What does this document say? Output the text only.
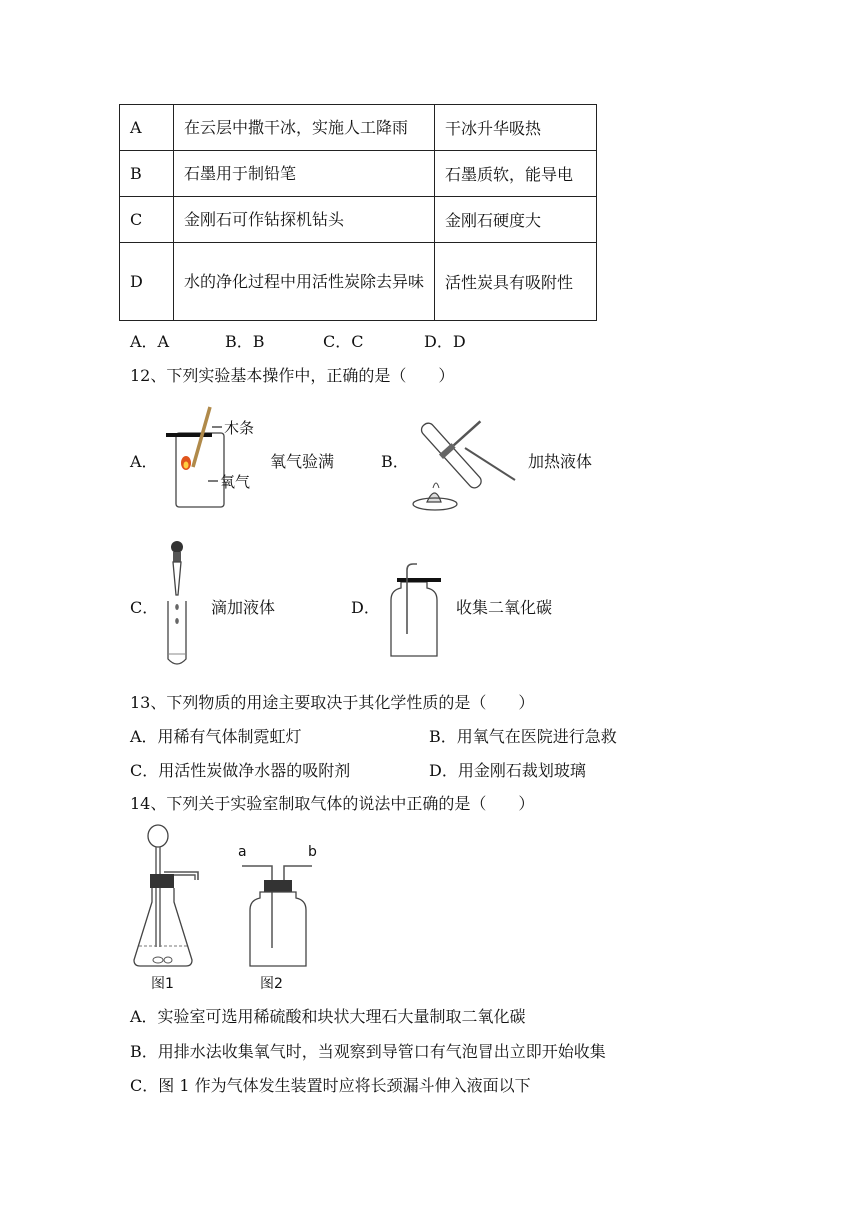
A	在云层中撒干冰，实施人工降雨	干冰升华吸热
B	石墨用于制铅笔	石墨质软，能导电
C	金刚石可作钻探机钻头	金刚石硬度大
D	水的净化过程中用活性炭除去异味	活性炭具有吸附性
A．A	B．B	C．C	D．D
12、下列实验基本操作中，正确的是（　　）
A．
木条
氧气
氧气验满	B．	加热液体
C．	滴加液体	D．	收集二氧化碳
13、下列物质的用途主要取决于其化学性质的是（　　）
A．用稀有气体制霓虹灯	B．用氧气在医院进行急救
C．用活性炭做净水器的吸附剂	D．用金刚石裁划玻璃
14、下列关于实验室制取气体的说法中正确的是（　　）
图1
a	b
图2
A．实验室可选用稀硫酸和块状大理石大量制取二氧化碳
B．用排水法收集氧气时，当观察到导管口有气泡冒出立即开始收集
C．图 1 作为气体发生装置时应将长颈漏斗伸入液面以下
